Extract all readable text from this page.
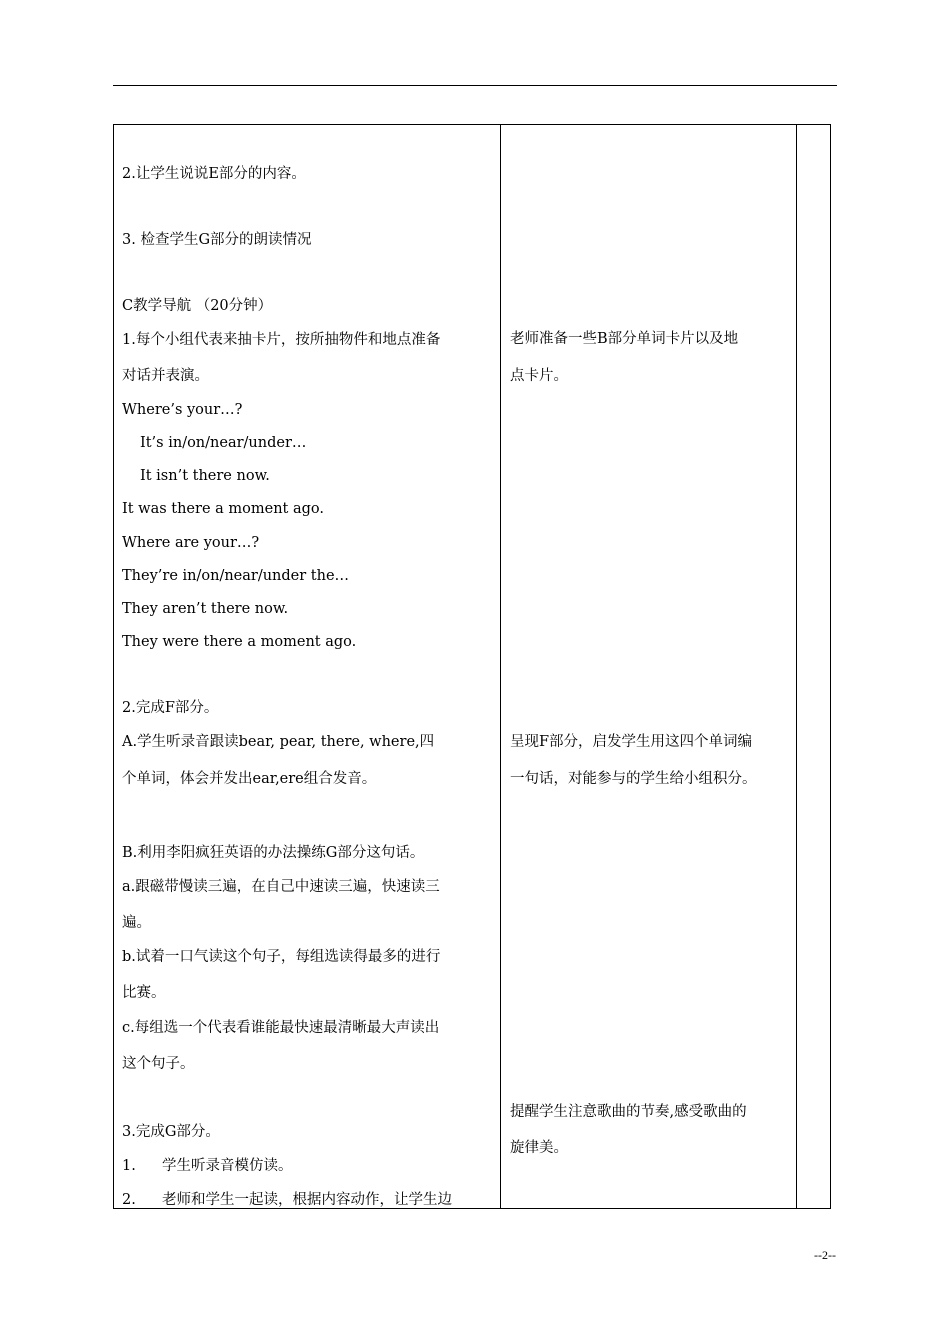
2.让学生说说E部分的内容。
3. 检查学生G部分的朗读情况
C教学导航 （20分钟）
1.每个小组代表来抽卡片，按所抽物件和地点准备
对话并表演。
Where’s your…?
It’s in/on/near/under…
It isn’t there now.
It was there a moment ago.
Where are your…?
They’re in/on/near/under the…
They aren’t there now.
They were there a moment ago.
2.完成F部分。
A.学生听录音跟读bear, pear, there, where,四
个单词，体会并发出ear,ere组合发音。
B.利用李阳疯狂英语的办法操练G部分这句话。
a.跟磁带慢读三遍，在自己中速读三遍，快速读三
遍。
b.试着一口气读这个句子，每组选读得最多的进行
比赛。
c.每组选一个代表看谁能最快速最清晰最大声读出
这个句子。
3.完成G部分。
1. 学生听录音模仿读。
2. 老师和学生一起读，根据内容动作，让学生边
老师准备一些B部分单词卡片以及地
点卡片。
呈现F部分，启发学生用这四个单词编
一句话，对能参与的学生给小组积分。
提醒学生注意歌曲的节奏,感受歌曲的
旋律美。
--2--
